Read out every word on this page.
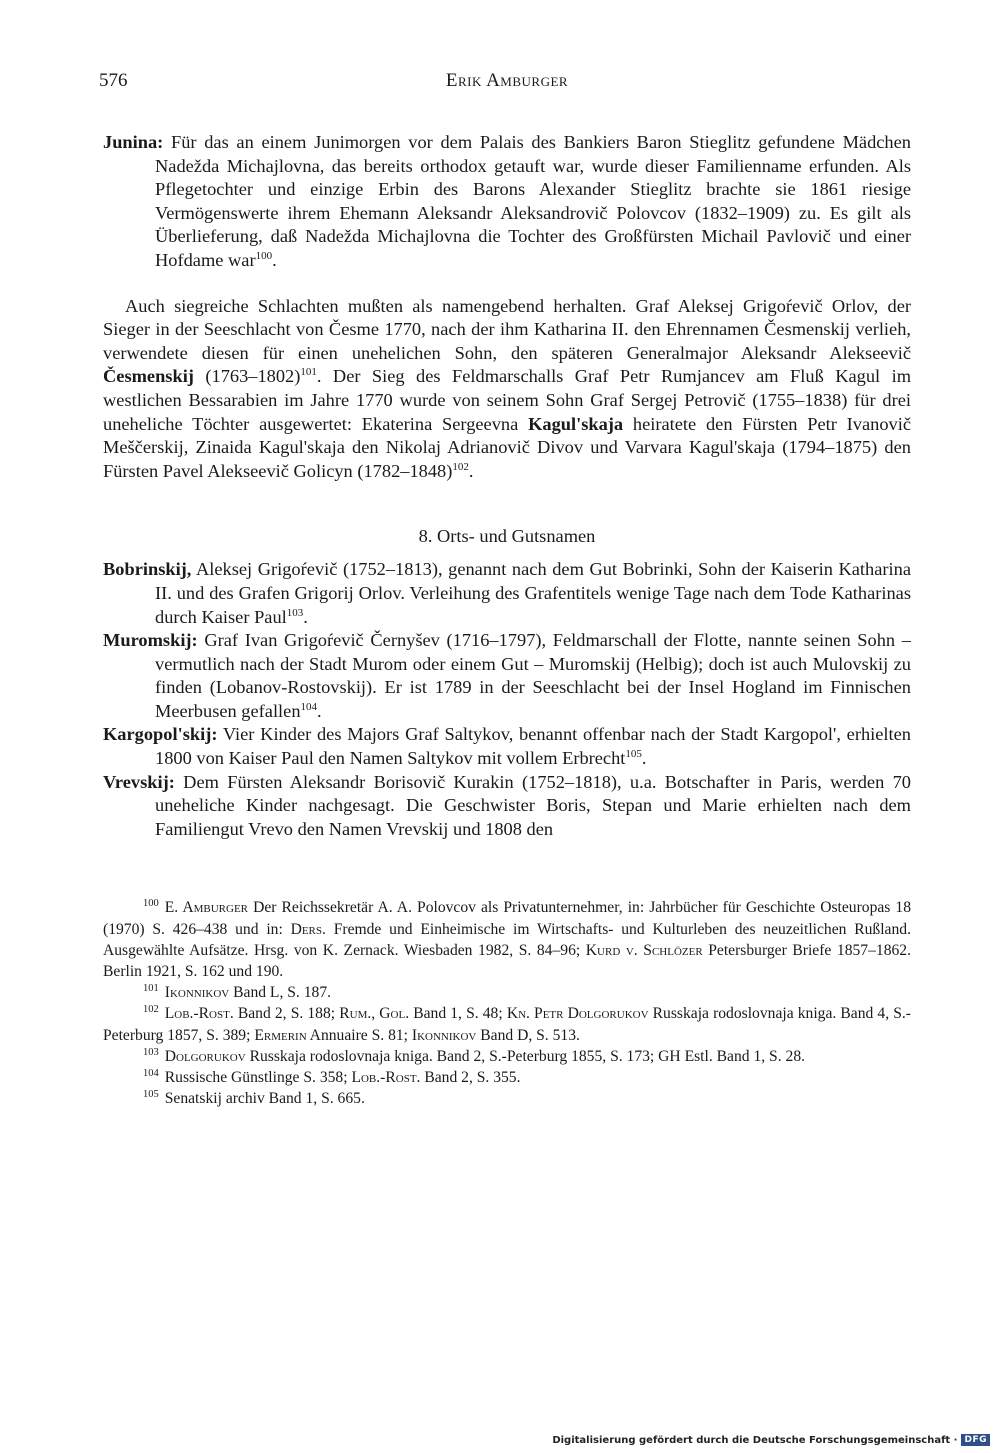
576	Erik Amburger

Junina: Für das an einem Junimorgen vor dem Palais des Bankiers Baron Stieglitz gefundene Mädchen Nadežda Michajlovna, das bereits orthodox getauft war, wurde dieser Familienname erfunden. Als Pflegetochter und einzige Erbin des Barons Alexander Stieglitz brachte sie 1861 riesige Vermögenswerte ihrem Ehemann Aleksandr Aleksandrovič Polovcov (1832–1909) zu. Es gilt als Überlieferung, daß Nadežda Michajlovna die Tochter des Großfürsten Michail Pavlovič und einer Hofdame war$^{100}$.

Auch siegreiche Schlachten mußten als namengebend herhalten. Graf Aleksej Grigoŕevič Orlov, der Sieger in der Seeschlacht von Česme 1770, nach der ihm Katharina II. den Ehrennamen Česmenskij verlieh, verwendete diesen für einen unehelichen Sohn, den späteren Generalmajor Aleksandr Alekseevič Česmenskij (1763–1802)$^{101}$. Der Sieg des Feldmarschalls Graf Petr Rumjancev am Fluß Kagul im westlichen Bessarabien im Jahre 1770 wurde von seinem Sohn Graf Sergej Petrovič (1755–1838) für drei uneheliche Töchter ausgewertet: Ekaterina Sergeevna Kagul'skaja heiratete den Fürsten Petr Ivanovič Meščerskij, Zinaida Kagul'skaja den Nikolaj Adrianovič Divov und Varvara Kagul'skaja (1794–1875) den Fürsten Pavel Alekseevič Golicyn (1782–1848)$^{102}$.

8. Orts- und Gutsnamen

Bobrinskij, Aleksej Grigoŕevič (1752–1813), genannt nach dem Gut Bobrinki, Sohn der Kaiserin Katharina II. und des Grafen Grigorij Orlov. Verleihung des Grafentitels wenige Tage nach dem Tode Katharinas durch Kaiser Paul$^{103}$.

Muromskij: Graf Ivan Grigoŕevič Černyšev (1716–1797), Feldmarschall der Flotte, nannte seinen Sohn – vermutlich nach der Stadt Murom oder einem Gut – Muromskij (Helbig); doch ist auch Mulovskij zu finden (Lobanov-Rostovskij). Er ist 1789 in der Seeschlacht bei der Insel Hogland im Finnischen Meerbusen gefallen$^{104}$.

Kargopol'skij: Vier Kinder des Majors Graf Saltykov, benannt offenbar nach der Stadt Kargopol', erhielten 1800 von Kaiser Paul den Namen Saltykov mit vollem Erbrecht$^{105}$.

Vrevskij: Dem Fürsten Aleksandr Borisovič Kurakin (1752–1818), u.a. Botschafter in Paris, werden 70 uneheliche Kinder nachgesagt. Die Geschwister Boris, Stepan und Marie erhielten nach dem Familiengut Vrevo den Namen Vrevskij und 1808 den

$^{100}$ E. Amburger Der Reichssekretär A. A. Polovcov als Privatunternehmer, in: Jahrbücher für Geschichte Osteuropas 18 (1970) S. 426–438 und in: Ders. Fremde und Einheimische im Wirtschafts- und Kulturleben des neuzeitlichen Rußland. Ausgewählte Aufsätze. Hrsg. von K. Zernack. Wiesbaden 1982, S. 84–96; Kurd v. Schlözer Petersburger Briefe 1857–1862. Berlin 1921, S. 162 und 190.

$^{101}$ Ikonnikov Band L, S. 187.

$^{102}$ Lob.-Rost. Band 2, S. 188; Rum., Gol. Band 1, S. 48; Kn. Petr Dolgorukov Russkaja rodoslovnaja kniga. Band 4, S.-Peterburg 1857, S. 389; Ermerin Annuaire S. 81; Ikonnikov Band D, S. 513.

$^{103}$ Dolgorukov Russkaja rodoslovnaja kniga. Band 2, S.-Peterburg 1855, S. 173; GH Estl. Band 1, S. 28.

$^{104}$ Russische Günstlinge S. 358; Lob.-Rost. Band 2, S. 355.

$^{105}$ Senatskij archiv Band 1, S. 665.

Digitalisierung gefördert durch die Deutsche Forschungsgemeinschaft · DFG
